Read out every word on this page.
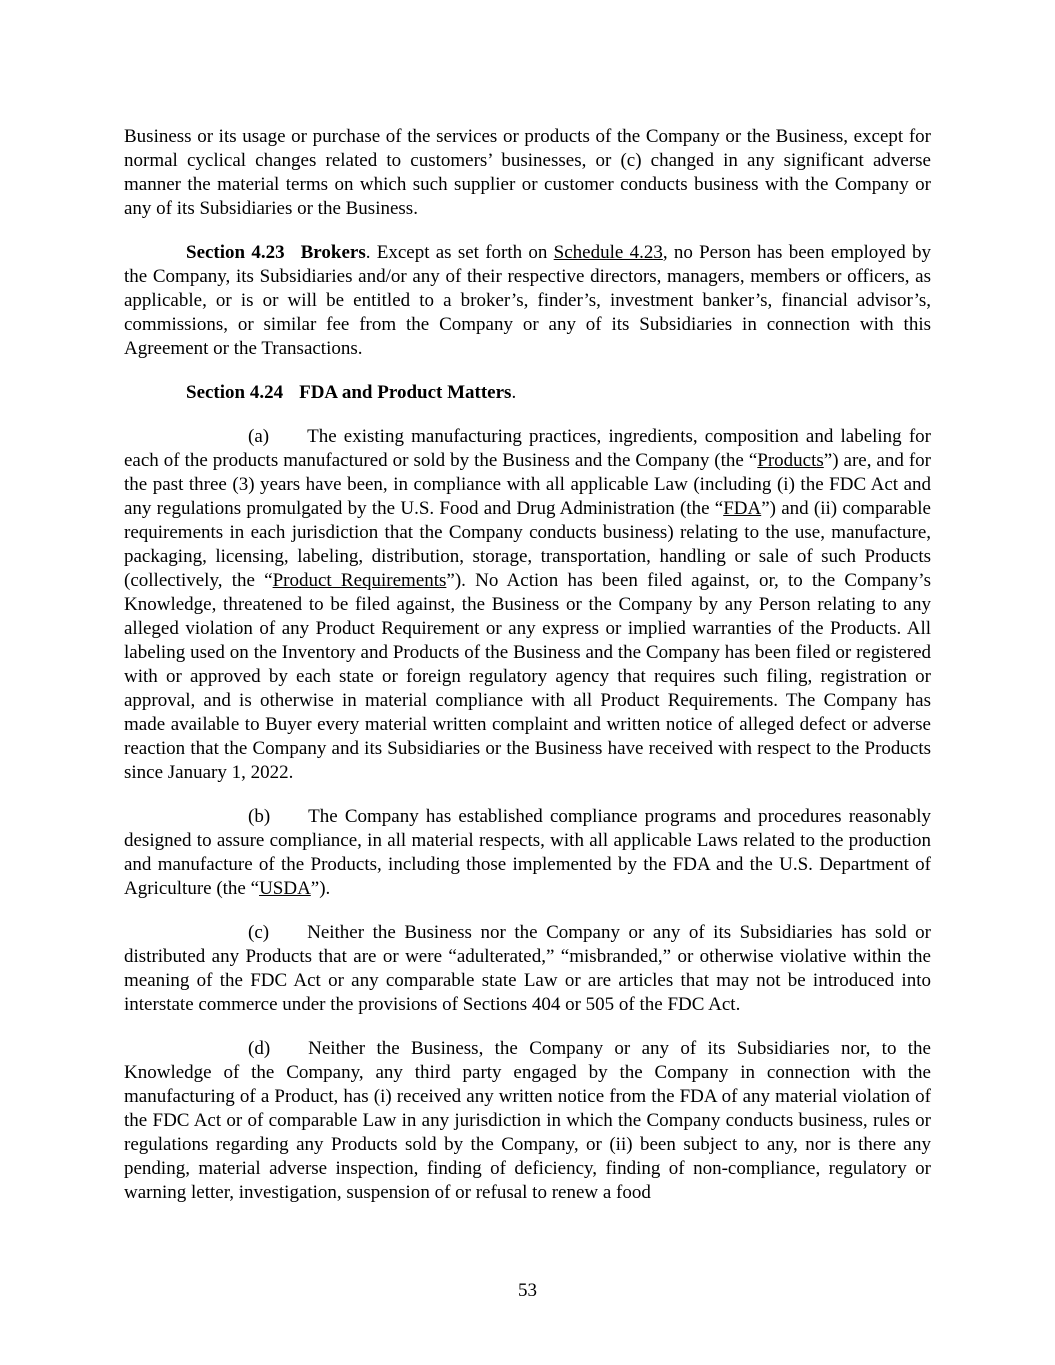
Business or its usage or purchase of the services or products of the Company or the Business, except for normal cyclical changes related to customers’ businesses, or (c) changed in any significant adverse manner the material terms on which such supplier or customer conducts business with the Company or any of its Subsidiaries or the Business.

Section 4.23 Brokers. Except as set forth on Schedule 4.23, no Person has been employed by the Company, its Subsidiaries and/or any of their respective directors, managers, members or officers, as applicable, or is or will be entitled to a broker’s, finder’s, investment banker’s, financial advisor’s, commissions, or similar fee from the Company or any of its Subsidiaries in connection with this Agreement or the Transactions.

Section 4.24 FDA and Product Matters.

(a) The existing manufacturing practices, ingredients, composition and labeling for each of the products manufactured or sold by the Business and the Company (the “Products”) are, and for the past three (3) years have been, in compliance with all applicable Law (including (i) the FDC Act and any regulations promulgated by the U.S. Food and Drug Administration (the “FDA”) and (ii) comparable requirements in each jurisdiction that the Company conducts business) relating to the use, manufacture, packaging, licensing, labeling, distribution, storage, transportation, handling or sale of such Products (collectively, the “Product Requirements”). No Action has been filed against, or, to the Company’s Knowledge, threatened to be filed against, the Business or the Company by any Person relating to any alleged violation of any Product Requirement or any express or implied warranties of the Products. All labeling used on the Inventory and Products of the Business and the Company has been filed or registered with or approved by each state or foreign regulatory agency that requires such filing, registration or approval, and is otherwise in material compliance with all Product Requirements. The Company has made available to Buyer every material written complaint and written notice of alleged defect or adverse reaction that the Company and its Subsidiaries or the Business have received with respect to the Products since January 1, 2022.

(b) The Company has established compliance programs and procedures reasonably designed to assure compliance, in all material respects, with all applicable Laws related to the production and manufacture of the Products, including those implemented by the FDA and the U.S. Department of Agriculture (the “USDA”).

(c) Neither the Business nor the Company or any of its Subsidiaries has sold or distributed any Products that are or were “adulterated,” “misbranded,” or otherwise violative within the meaning of the FDC Act or any comparable state Law or are articles that may not be introduced into interstate commerce under the provisions of Sections 404 or 505 of the FDC Act.

(d) Neither the Business, the Company or any of its Subsidiaries nor, to the Knowledge of the Company, any third party engaged by the Company in connection with the manufacturing of a Product, has (i) received any written notice from the FDA of any material violation of the FDC Act or of comparable Law in any jurisdiction in which the Company conducts business, rules or regulations regarding any Products sold by the Company, or (ii) been subject to any, nor is there any pending, material adverse inspection, finding of deficiency, finding of non-compliance, regulatory or warning letter, investigation, suspension of or refusal to renew a food

53
